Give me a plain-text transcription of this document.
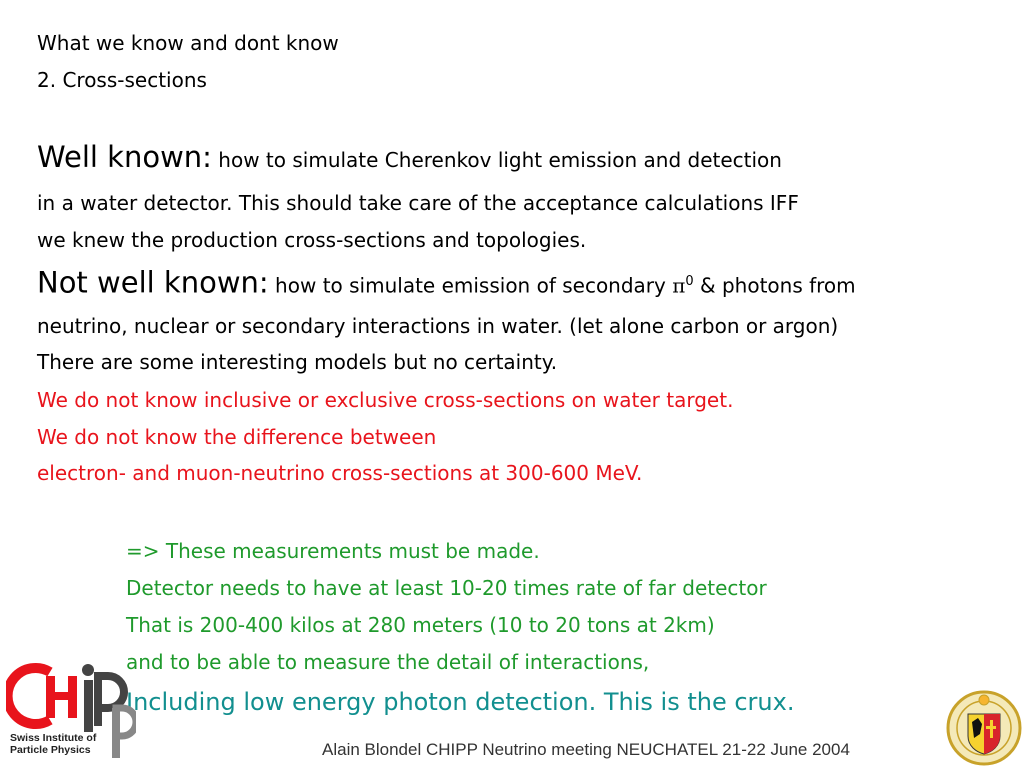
What we know and dont know
2. Cross-sections
Well known: how to simulate Cherenkov light emission and detection
in a water detector. This should take care of the acceptance calculations IFF
we knew the production cross-sections and topologies.
Not well known: how to simulate emission of secondary $\pi^0$ & photons from
neutrino, nuclear or secondary interactions in water. (let alone carbon or argon)
There are some interesting models but no certainty.
We do not know inclusive or exclusive cross-sections on water target.
We do not know the difference between
electron- and muon-neutrino cross-sections at 300-600 MeV.
=> These measurements must be made.
Detector needs to have at least 10-20 times rate of far detector
That is 200-400 kilos at 280 meters (10 to 20 tons at 2km)
and to be able to measure the detail of interactions,
Including low energy photon detection. This is the crux.
Swiss Institute of
Particle Physics	Alain Blondel CHIPP Neutrino meeting NEUCHATEL 21-22 June 2004
